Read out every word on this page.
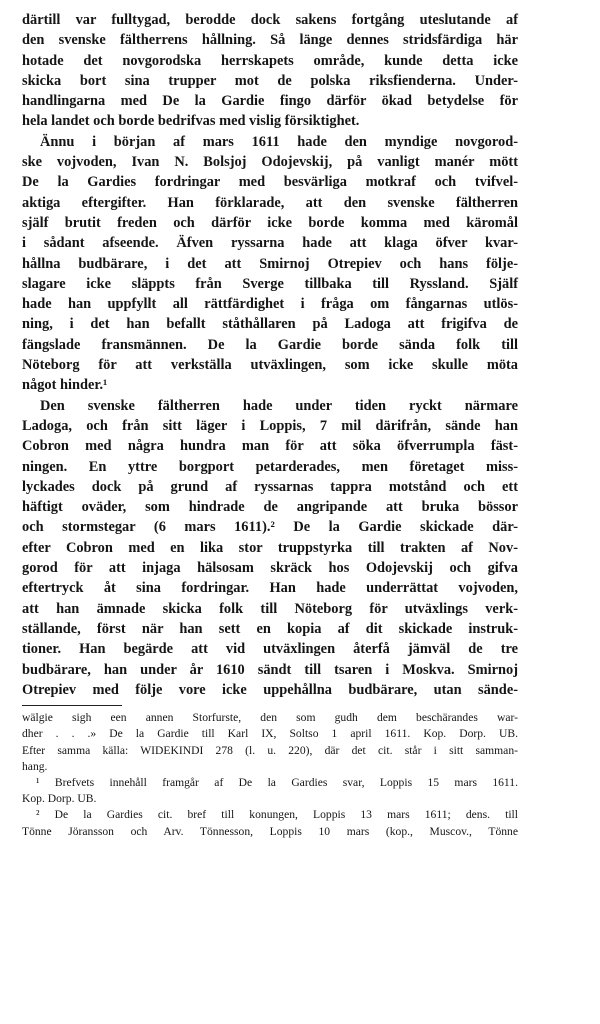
därtill var fulltygad, berodde dock sakens fortgång uteslutande af
den svenske fältherrens hållning. Så länge dennes stridsfärdiga här
hotade det novgorodska herrskapets område, kunde detta icke
skicka bort sina trupper mot de polska riksfienderna. Under-
handlingarna med De la Gardie fingo därför ökad betydelse för
hela landet och borde bedrifvas med vislig försiktighet.
Ännu i början af mars 1611 hade den myndige novgorod-
ske vojvoden, Ivan N. Bolsjoj Odojevskij, på vanligt manér mött
De la Gardies fordringar med besvärliga motkraf och tvifvel-
aktiga eftergifter. Han förklarade, att den svenske fältherren
själf brutit freden och därför icke borde komma med käromål
i sådant afseende. Äfven ryssarna hade att klaga öfver kvar-
hållna budbärare, i det att Smirnoj Otrepiev och hans följe-
slagare icke släppts från Sverge tillbaka till Ryssland. Själf
hade han uppfyllt all rättfärdighet i fråga om fångarnas utlös-
ning, i det han befallt ståthållaren på Ladoga att frigifva de
fängslade fransmännen. De la Gardie borde sända folk till
Nöteborg för att verkställa utväxlingen, som icke skulle möta
något hinder.¹
Den svenske fältherren hade under tiden ryckt närmare
Ladoga, och från sitt läger i Loppis, 7 mil därifrån, sände han
Cobron med några hundra man för att söka öfverrumpla fäst-
ningen. En yttre borgport petarderades, men företaget miss-
lyckades dock på grund af ryssarnas tappra motstånd och ett
häftigt oväder, som hindrade de angripande att bruka bössor
och stormstegar (6 mars 1611).² De la Gardie skickade där-
efter Cobron med en lika stor truppstyrka till trakten af Nov-
gorod för att injaga hälsosam skräck hos Odojevskij och gifva
eftertryck åt sina fordringar. Han hade underrättat vojvoden,
att han ämnade skicka folk till Nöteborg för utväxlings verk-
ställande, först när han sett en kopia af dit skickade instruk-
tioner. Han begärde att vid utväxlingen återfå jämväl de tre
budbärare, han under år 1610 sändt till tsaren i Moskva. Smirnoj
Otrepiev med följe vore icke uppehållna budbärare, utan sände-
wälgie sigh een annen Storfurste, den som gudh dem beschärandes war-
dher . . .» De la Gardie till Karl IX, Soltso 1 april 1611. Kop. Dorp. UB.
Efter samma källa: WIDEKINDI 278 (l. u. 220), där det cit. står i sitt samman-
hang.
¹ Brefvets innehåll framgår af De la Gardies svar, Loppis 15 mars 1611.
Kop. Dorp. UB.
² De la Gardies cit. bref till konungen, Loppis 13 mars 1611; dens. till
Tönne Jöransson och Arv. Tönnesson, Loppis 10 mars (kop., Muscov., Tönne
